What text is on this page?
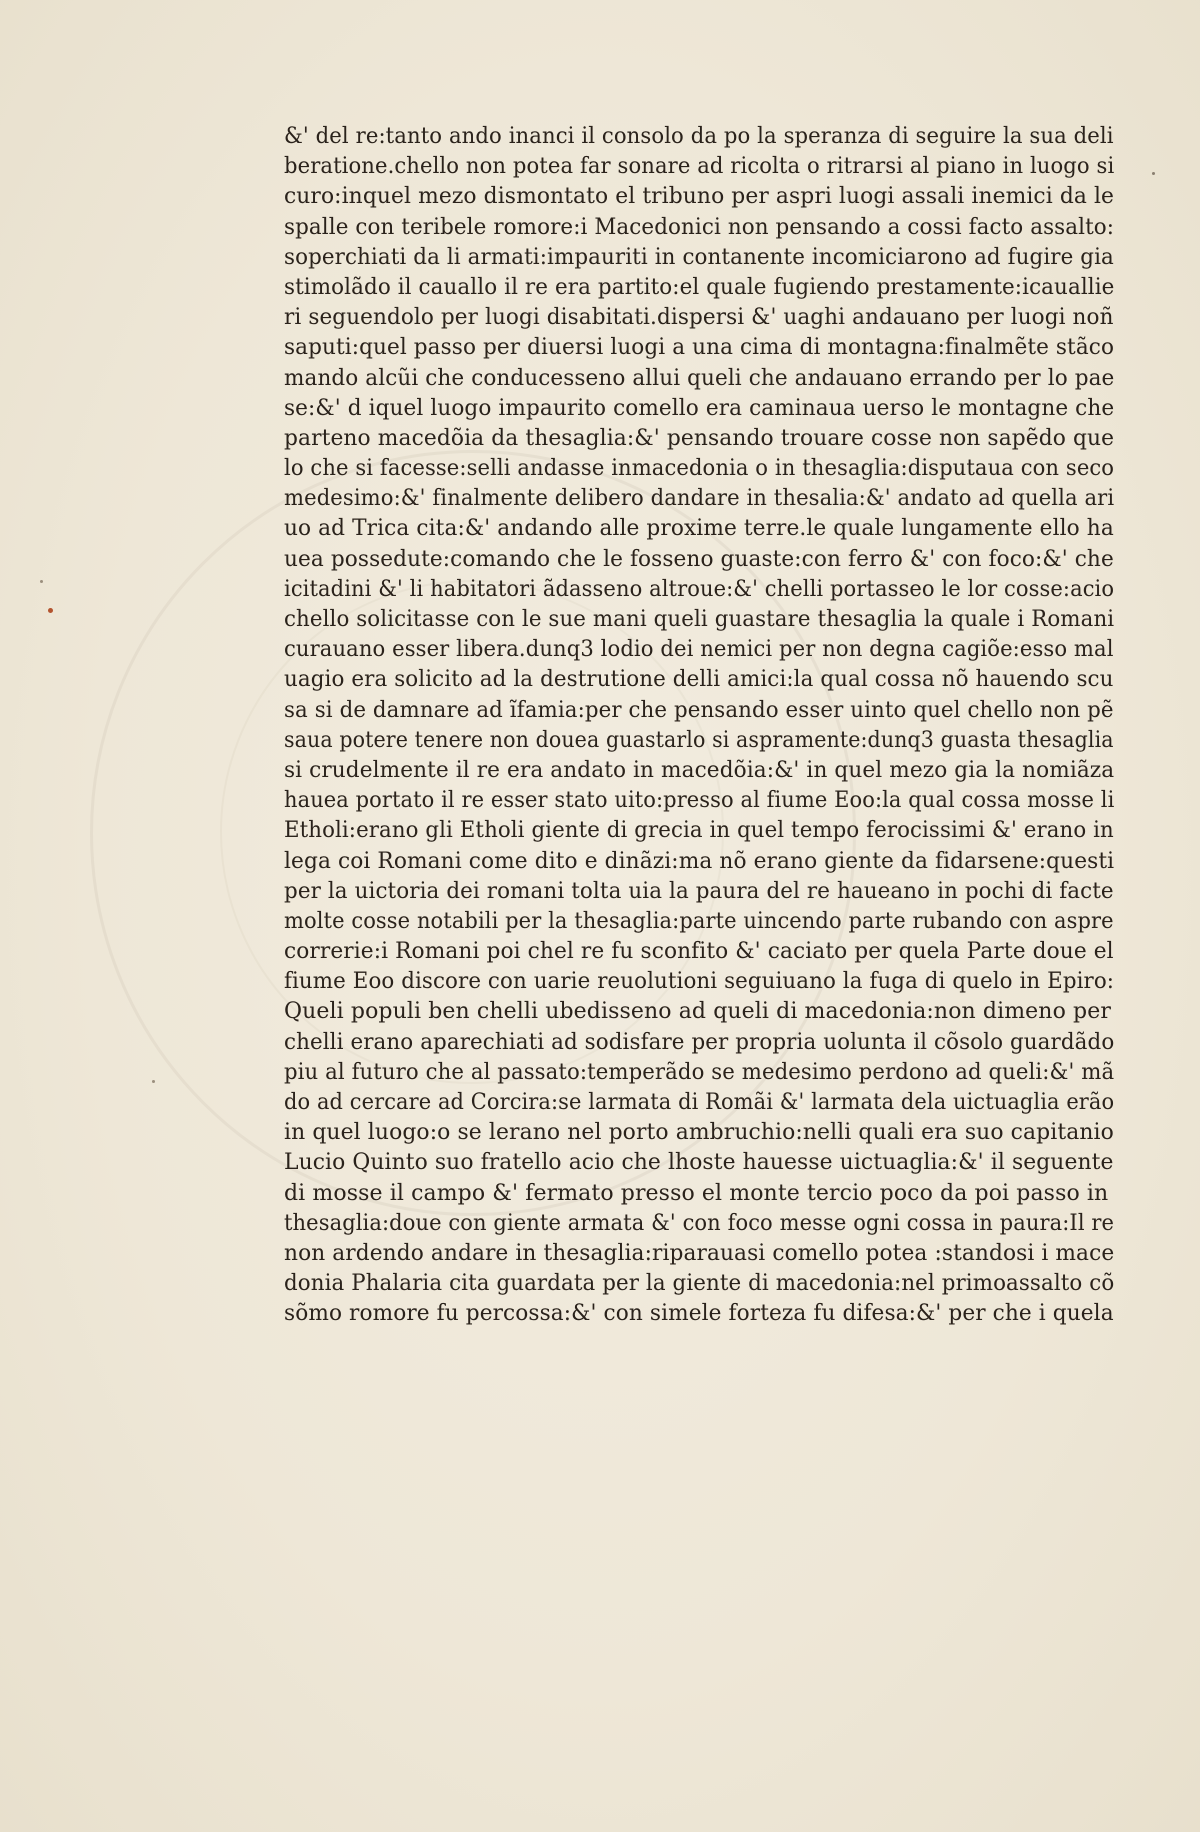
&' del re:tanto ando inanci il consolo da po la speranza di seguire la sua deli
beratione.chello non potea far sonare ad ricolta o ritrarsi al piano in luogo si
curo:inquel mezo dismontato el tribuno per aspri luogi assali inemici da le
spalle con teribele romore:i Macedonici non pensando a cossi facto assalto:
soperchiati da li armati:impauriti in contanente incomiciarono ad fugire gia
stimolãdo il cauallo il re era partito:el quale fugiendo prestamente:icauallie
ri seguendolo per luogi disabitati.dispersi &' uaghi andauano per luogi noñ
saputi:quel passo per diuersi luogi a una cima di montagna:finalmẽte stãco
mando alcũi che conducesseno allui queli che andauano errando per lo pae
se:&' d iquel luogo impaurito comello era caminaua uerso le montagne che
parteno macedõia da thesaglia:&' pensando trouare cosse non sapẽdo que
lo che si facesse:selli andasse inmacedonia o in thesaglia:disputaua con seco
medesimo:&' finalmente delibero dandare in thesalia:&' andato ad quella ari
uo ad Trica cita:&' andando alle proxime terre.le quale lungamente ello ha
uea possedute:comando che le fosseno guaste:con ferro &' con foco:&' che
icitadini &' li habitatori ãdasseno altroue:&' chelli portasseo le lor cosse:acio
chello solicitasse con le sue mani queli guastare thesaglia la quale i Romani
curauano esser libera.dunq3 lodio dei nemici per non degna cagiõe:esso mal
uagio era solicito ad la destrutione delli amici:la qual cossa nõ hauendo scu
sa si de damnare ad ĩfamia:per che pensando esser uinto quel chello non pẽ
saua potere tenere non douea guastarlo si aspramente:dunq3 guasta thesaglia
si crudelmente il re era andato in macedõia:&' in quel mezo gia la nomiãza
hauea portato il re esser stato uito:presso al fiume Eoo:la qual cossa mosse li
Etholi:erano gli Etholi giente di grecia in quel tempo ferocissimi &' erano in
lega coi Romani come dito e dinãzi:ma nõ erano giente da fidarsene:questi
per la uictoria dei romani tolta uia la paura del re haueano in pochi di facte
molte cosse notabili per la thesaglia:parte uincendo parte rubando con aspre
correrie:i Romani poi chel re fu sconfito &' caciato per quela Parte doue el
fiume Eoo discore con uarie reuolutioni seguiuano la fuga di quelo in Epiro:
Queli populi ben chelli ubedisseno ad queli di macedonia:non dimeno per
chelli erano aparechiati ad sodisfare per propria uolunta il cõsolo guardãdo
piu al futuro che al passato:temperãdo se medesimo perdono ad queli:&' mã
do ad cercare ad Corcira:se larmata di Romãi &' larmata dela uictuaglia erão
in quel luogo:o se lerano nel porto ambruchio:nelli quali era suo capitanio
Lucio Quinto suo fratello acio che lhoste hauesse uictuaglia:&' il seguente
di mosse il campo &' fermato presso el monte tercio poco da poi passo in
thesaglia:doue con giente armata &' con foco messe ogni cossa in paura:Il re
non ardendo andare in thesaglia:riparauasi comello potea :standosi i mace
donia Phalaria cita guardata per la giente di macedonia:nel primoassalto cõ
sõmo romore fu percossa:&' con simele forteza fu difesa:&' per che i quela
